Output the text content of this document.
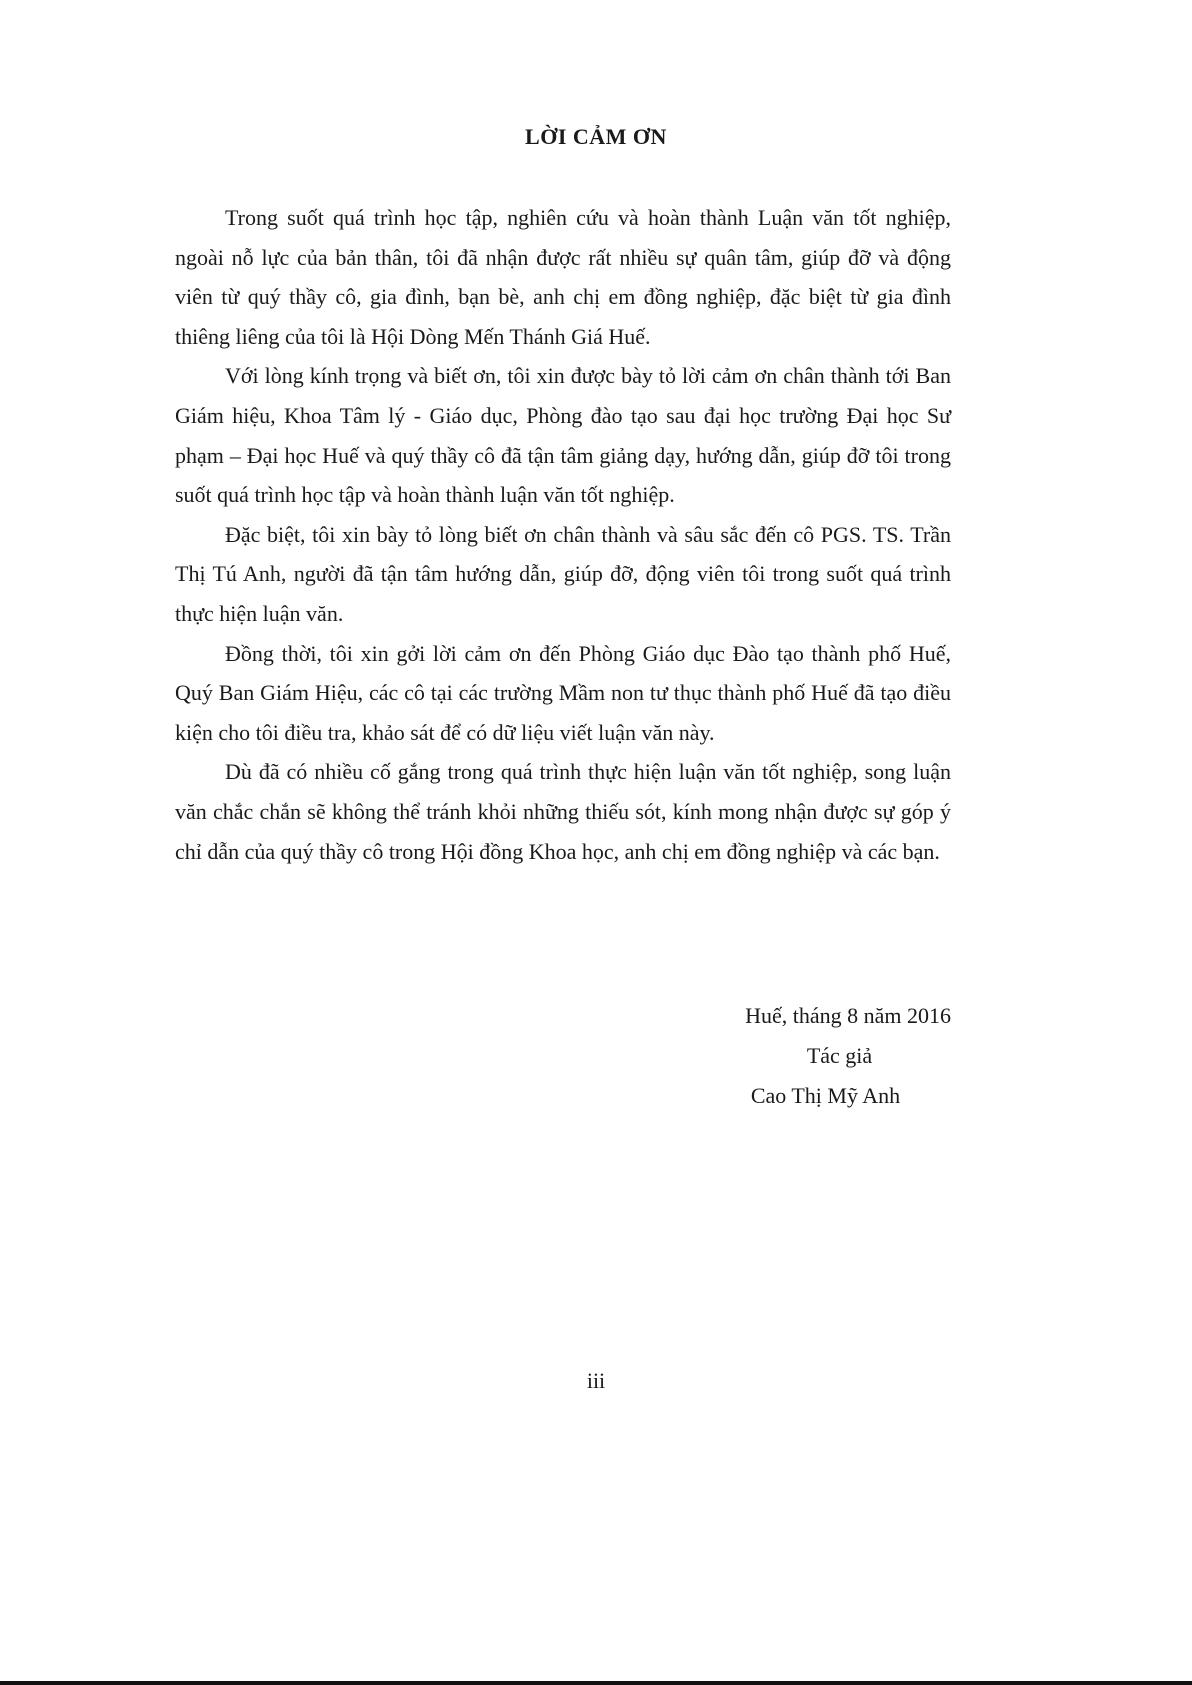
LỜI CẢM ƠN

Trong suốt quá trình học tập, nghiên cứu và hoàn thành Luận văn tốt nghiệp, ngoài nỗ lực của bản thân, tôi đã nhận được rất nhiều sự quân tâm, giúp đỡ và động viên từ quý thầy cô, gia đình, bạn bè, anh chị em đồng nghiệp, đặc biệt từ gia đình thiêng liêng của tôi là Hội Dòng Mến Thánh Giá Huế.

Với lòng kính trọng và biết ơn, tôi xin được bày tỏ lời cảm ơn chân thành tới Ban Giám hiệu, Khoa Tâm lý - Giáo dục, Phòng đào tạo sau đại học trường Đại học Sư phạm – Đại học Huế và quý thầy cô đã tận tâm giảng dạy, hướng dẫn, giúp đỡ tôi trong suốt quá trình học tập và hoàn thành luận văn tốt nghiệp.

Đặc biệt, tôi xin bày tỏ lòng biết ơn chân thành và sâu sắc đến cô PGS. TS. Trần Thị Tú Anh, người đã tận tâm hướng dẫn, giúp đỡ, động viên tôi trong suốt quá trình thực hiện luận văn.

Đồng thời, tôi xin gởi lời cảm ơn đến Phòng Giáo dục Đào tạo thành phố Huế, Quý Ban Giám Hiệu, các cô tại các trường Mầm non tư thục thành phố Huế đã tạo điều kiện cho tôi điều tra, khảo sát để có dữ liệu viết luận văn này.

Dù đã có nhiều cố gắng trong quá trình thực hiện luận văn tốt nghiệp, song luận văn chắc chắn sẽ không thể tránh khỏi những thiếu sót, kính mong nhận được sự góp ý chỉ dẫn của quý thầy cô trong Hội đồng Khoa học, anh chị em đồng nghiệp và các bạn.

Huế, tháng 8 năm 2016
Tác giả
Cao Thị Mỹ Anh
iii
